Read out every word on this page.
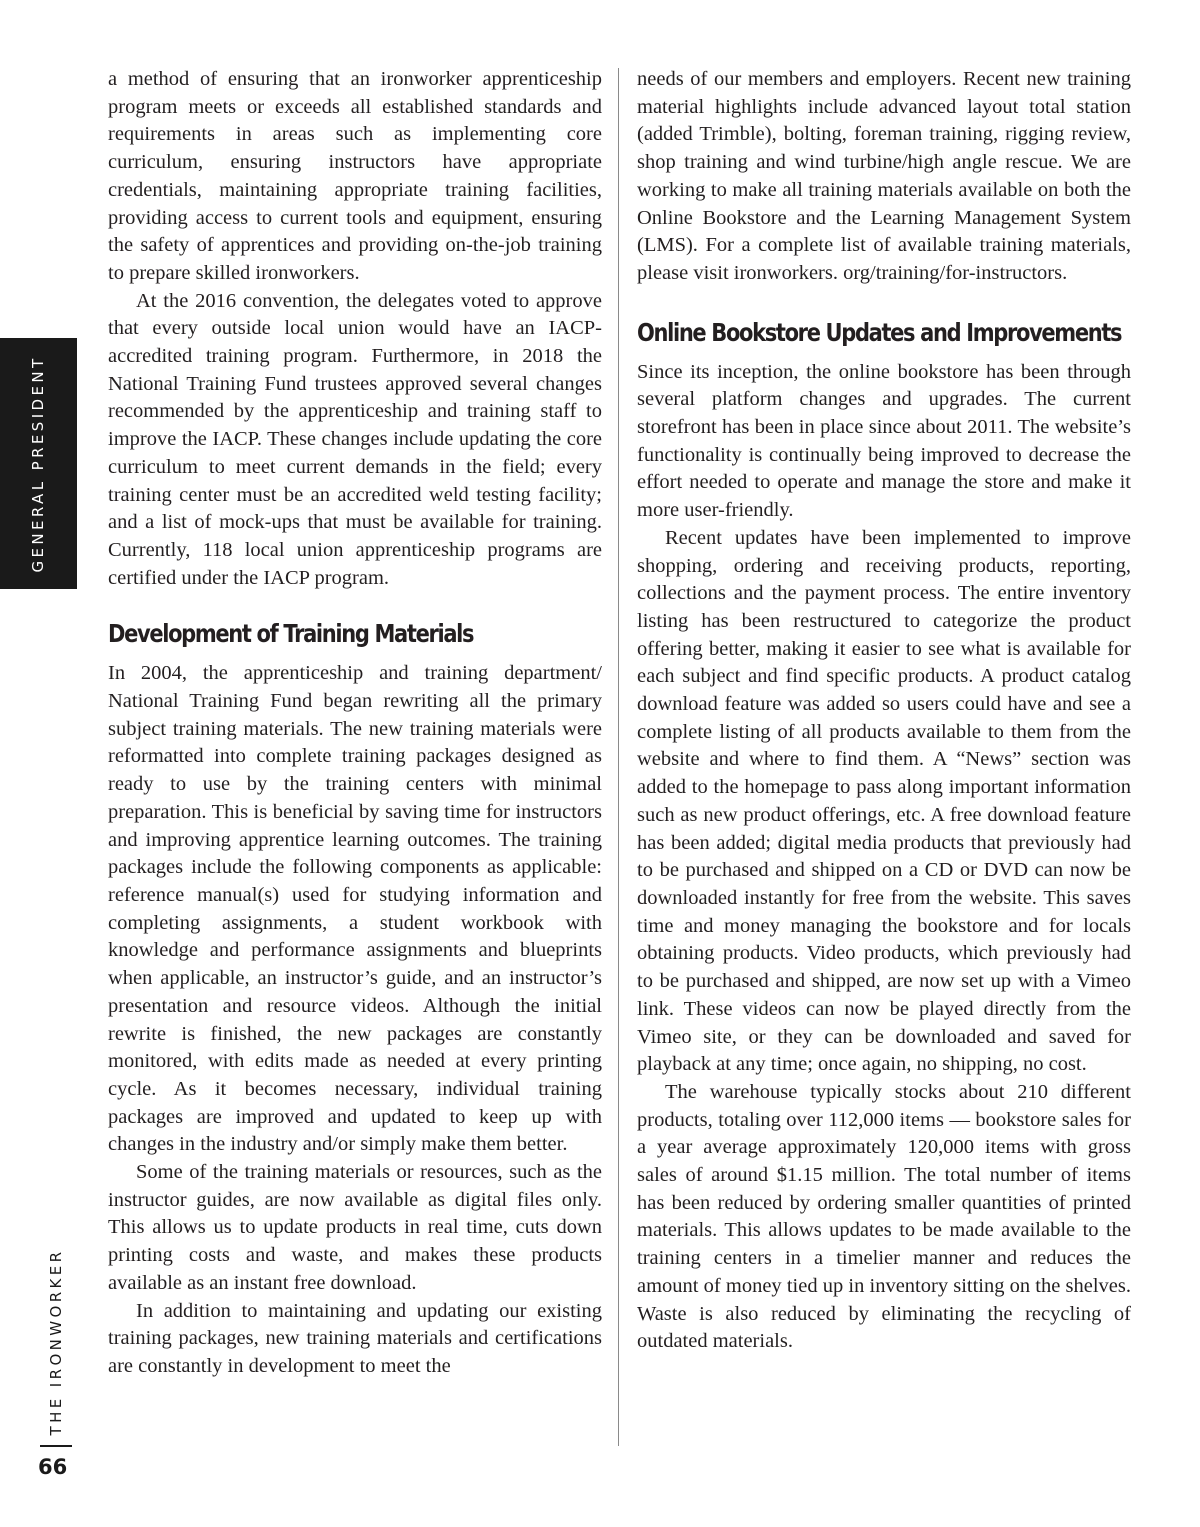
GENERAL PRESIDENT
THE IRONWORKER
66

a method of ensuring that an ironworker apprenticeship program meets or exceeds all established standards and requirements in areas such as implementing core curriculum, ensuring instructors have appropriate credentials, maintaining appropriate training facilities, providing access to current tools and equipment, ensuring the safety of apprentices and providing on-the-job training to prepare skilled ironworkers.

At the 2016 convention, the delegates voted to approve that every outside local union would have an IACP-accredited training program. Furthermore, in 2018 the National Training Fund trustees approved several changes recommended by the apprenticeship and training staff to improve the IACP. These changes include updating the core curriculum to meet current demands in the field; every training center must be an accredited weld testing facility; and a list of mock-ups that must be available for training. Currently, 118 local union apprenticeship programs are certified under the IACP program.

Development of Training Materials

In 2004, the apprenticeship and training department/ National Training Fund began rewriting all the primary subject training materials. The new training materials were reformatted into complete training packages designed as ready to use by the training centers with minimal preparation. This is beneficial by saving time for instructors and improving apprentice learning outcomes. The training packages include the following components as applicable: reference manual(s) used for studying information and completing assignments, a student workbook with knowledge and performance assignments and blueprints when applicable, an instructor’s guide, and an instructor’s presentation and resource videos. Although the initial rewrite is finished, the new packages are constantly monitored, with edits made as needed at every printing cycle. As it becomes necessary, individual training packages are improved and updated to keep up with changes in the industry and/or simply make them better.

Some of the training materials or resources, such as the instructor guides, are now available as digital files only. This allows us to update products in real time, cuts down printing costs and waste, and makes these products available as an instant free download.

In addition to maintaining and updating our existing training packages, new training materials and certifications are constantly in development to meet the

needs of our members and employers. Recent new training material highlights include advanced layout total station (added Trimble), bolting, foreman training, rigging review, shop training and wind turbine/high angle rescue. We are working to make all training materials available on both the Online Bookstore and the Learning Management System (LMS). For a complete list of available training materials, please visit ironworkers. org/training/for-instructors.

Online Bookstore Updates and Improvements

Since its inception, the online bookstore has been through several platform changes and upgrades. The current storefront has been in place since about 2011. The website’s functionality is continually being improved to decrease the effort needed to operate and manage the store and make it more user-friendly.

Recent updates have been implemented to improve shopping, ordering and receiving products, reporting, collections and the payment process. The entire inventory listing has been restructured to categorize the product offering better, making it easier to see what is available for each subject and find specific products. A product catalog download feature was added so users could have and see a complete listing of all products available to them from the website and where to find them. A “News” section was added to the homepage to pass along important information such as new product offerings, etc. A free download feature has been added; digital media products that previously had to be purchased and shipped on a CD or DVD can now be downloaded instantly for free from the website. This saves time and money managing the bookstore and for locals obtaining products. Video products, which previously had to be purchased and shipped, are now set up with a Vimeo link. These videos can now be played directly from the Vimeo site, or they can be downloaded and saved for playback at any time; once again, no shipping, no cost.

The warehouse typically stocks about 210 different products, totaling over 112,000 items — bookstore sales for a year average approximately 120,000 items with gross sales of around $1.15 million. The total number of items has been reduced by ordering smaller quantities of printed materials. This allows updates to be made available to the training centers in a timelier manner and reduces the amount of money tied up in inventory sitting on the shelves. Waste is also reduced by eliminating the recycling of outdated materials.
